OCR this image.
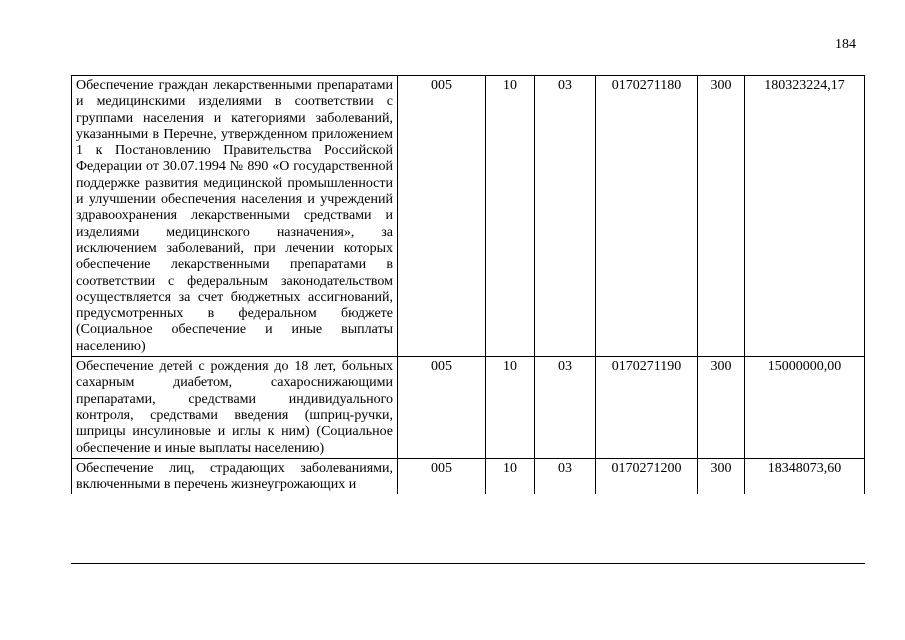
184
Обеспечение граждан лекарственными препаратами и медицинскими изделиями в соответствии с группами населения и категориями заболеваний, указанными в Перечне, утвержденном приложением 1 к Постановлению Правительства Российской Федерации от 30.07.1994 № 890 «О государственной поддержке развития медицинской промышленности и улучшении обеспечения населения и учреждений здравоохранения лекарственными средствами и изделиями медицинского назначения», за исключением заболеваний, при лечении которых обеспечение лекарственными препаратами в соответствии с федеральным законодательством осуществляется за счет бюджетных ассигнований, предусмотренных в федеральном бюджете (Социальное обеспечение и иные выплаты населению)	005	10	03	0170271180	300	180323224,17
Обеспечение детей с рождения до 18 лет, больных сахарным диабетом, сахароснижающими препаратами, средствами индивидуального контроля, средствами введения (шприц-ручки, шприцы инсулиновые и иглы к ним) (Социальное обеспечение и иные выплаты населению)	005	10	03	0170271190	300	15000000,00
Обеспечение лиц, страдающих заболеваниями, включенными в перечень жизнеугрожающих и	005	10	03	0170271200	300	18348073,60
